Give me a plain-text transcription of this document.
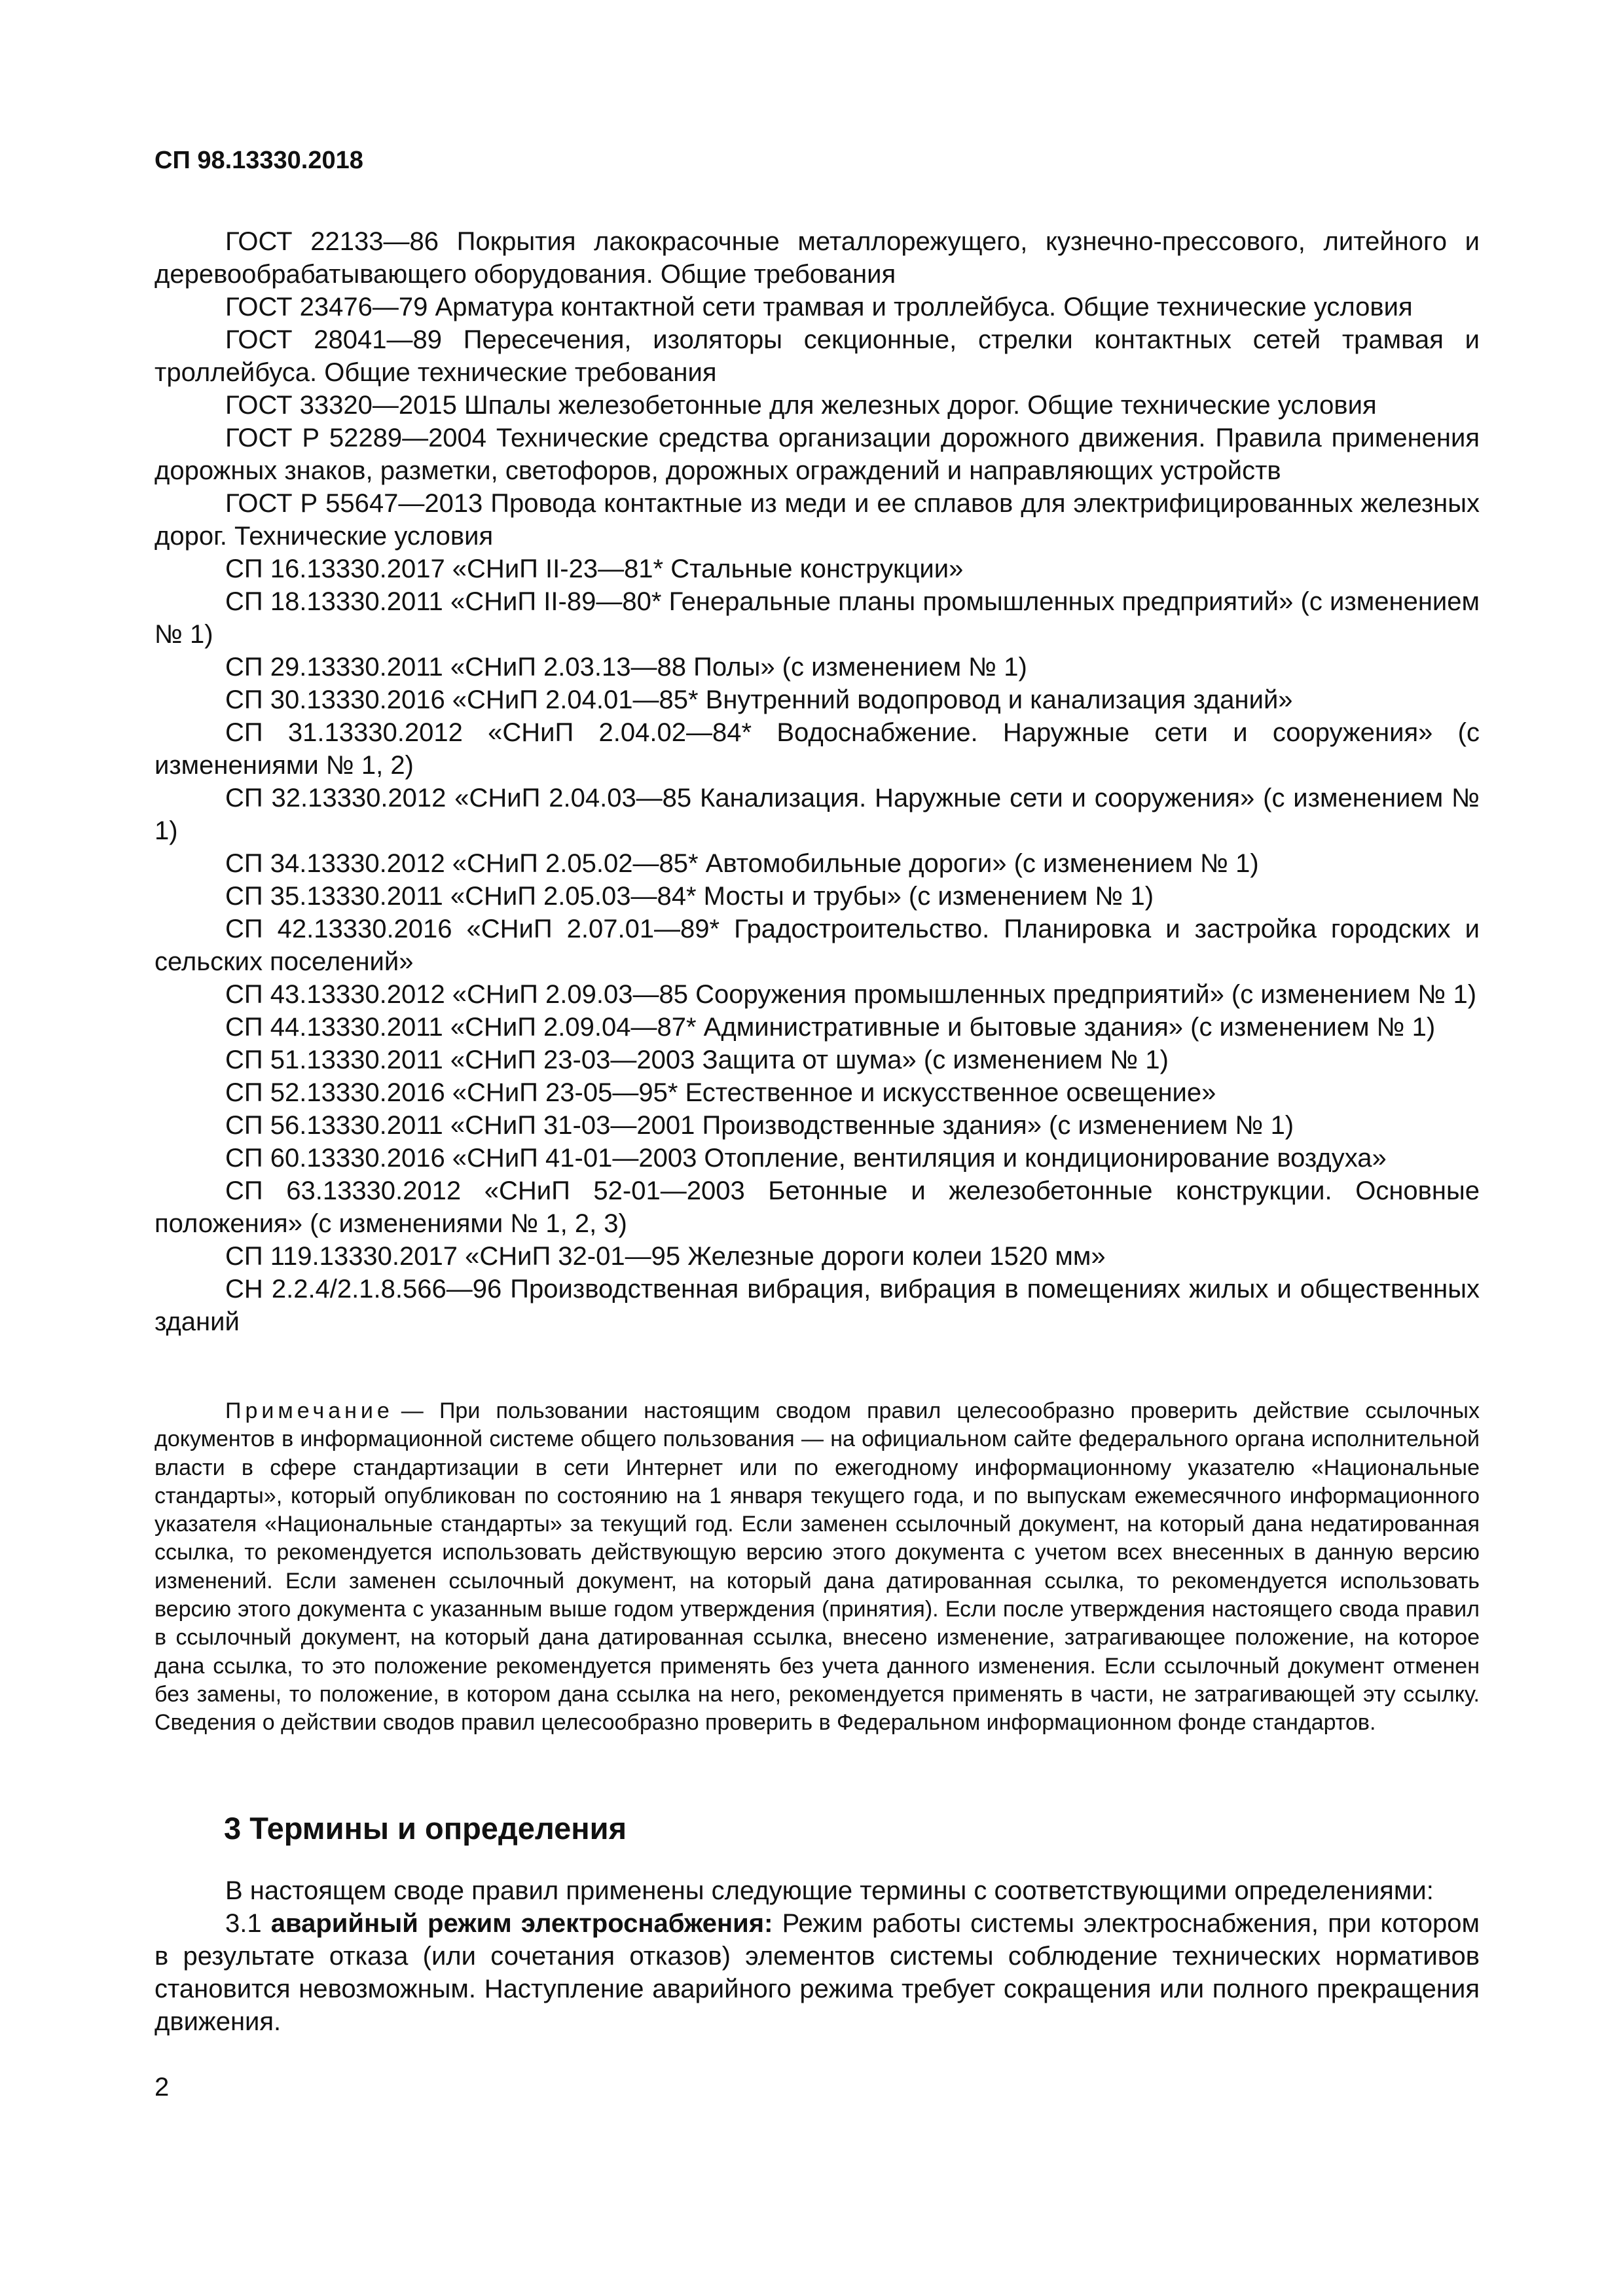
СП 98.13330.2018

ГОСТ 22133—86 Покрытия лакокрасочные металлорежущего, кузнечно-прессового, литейного и деревообрабатывающего оборудования. Общие требования

ГОСТ 23476—79 Арматура контактной сети трамвая и троллейбуса. Общие технические условия

ГОСТ 28041—89 Пересечения, изоляторы секционные, стрелки контактных сетей трамвая и троллейбуса. Общие технические требования

ГОСТ 33320—2015 Шпалы железобетонные для железных дорог. Общие технические условия

ГОСТ Р 52289—2004 Технические средства организации дорожного движения. Правила применения дорожных знаков, разметки, светофоров, дорожных ограждений и направляющих устройств

ГОСТ Р 55647—2013 Провода контактные из меди и ее сплавов для электрифицированных железных дорог. Технические условия

СП 16.13330.2017 «СНиП II-23—81* Стальные конструкции»

СП 18.13330.2011 «СНиП II-89—80* Генеральные планы промышленных предприятий» (с изменением № 1)

СП 29.13330.2011 «СНиП 2.03.13—88 Полы» (с изменением № 1)

СП 30.13330.2016 «СНиП 2.04.01—85* Внутренний водопровод и канализация зданий»

СП 31.13330.2012 «СНиП 2.04.02—84* Водоснабжение. Наружные сети и сооружения» (с изменениями № 1, 2)

СП 32.13330.2012 «СНиП 2.04.03—85 Канализация. Наружные сети и сооружения» (с изменением № 1)

СП 34.13330.2012 «СНиП 2.05.02—85* Автомобильные дороги» (с изменением № 1)

СП 35.13330.2011 «СНиП 2.05.03—84* Мосты и трубы» (с изменением № 1)

СП 42.13330.2016 «СНиП 2.07.01—89* Градостроительство. Планировка и застройка городских и сельских поселений»

СП 43.13330.2012 «СНиП 2.09.03—85 Сооружения промышленных предприятий» (с изменением № 1)

СП 44.13330.2011 «СНиП 2.09.04—87* Административные и бытовые здания» (с изменением № 1)

СП 51.13330.2011 «СНиП 23-03—2003 Защита от шума» (с изменением № 1)

СП 52.13330.2016 «СНиП 23-05—95* Естественное и искусственное освещение»

СП 56.13330.2011 «СНиП 31-03—2001 Производственные здания» (с изменением № 1)

СП 60.13330.2016 «СНиП 41-01—2003 Отопление, вентиляция и кондиционирование воздуха»

СП 63.13330.2012 «СНиП 52-01—2003 Бетонные и железобетонные конструкции. Основные положения» (с изменениями № 1, 2, 3)

СП 119.13330.2017 «СНиП 32-01—95 Железные дороги колеи 1520 мм»

СН 2.2.4/2.1.8.566—96 Производственная вибрация, вибрация в помещениях жилых и общественных зданий

Примечание — При пользовании настоящим сводом правил целесообразно проверить действие ссылочных документов в информационной системе общего пользования — на официальном сайте федерального органа исполнительной власти в сфере стандартизации в сети Интернет или по ежегодному информационному указателю «Национальные стандарты», который опубликован по состоянию на 1 января текущего года, и по выпускам ежемесячного информационного указателя «Национальные стандарты» за текущий год. Если заменен ссылочный документ, на который дана недатированная ссылка, то рекомендуется использовать действующую версию этого документа с учетом всех внесенных в данную версию изменений. Если заменен ссылочный документ, на который дана датированная ссылка, то рекомендуется использовать версию этого документа с указанным выше годом утверждения (принятия). Если после утверждения настоящего свода правил в ссылочный документ, на который дана датированная ссылка, внесено изменение, затрагивающее положение, на которое дана ссылка, то это положение рекомендуется применять без учета данного изменения. Если ссылочный документ отменен без замены, то положение, в котором дана ссылка на него, рекомендуется применять в части, не затрагивающей эту ссылку. Сведения о действии сводов правил целесообразно проверить в Федеральном информационном фонде стандартов.

3 Термины и определения

В настоящем своде правил применены следующие термины с соответствующими определениями:

3.1 аварийный режим электроснабжения: Режим работы системы электроснабжения, при котором в результате отказа (или сочетания отказов) элементов системы соблюдение технических нормативов становится невозможным. Наступление аварийного режима требует сокращения или полного прекращения движения.

2
